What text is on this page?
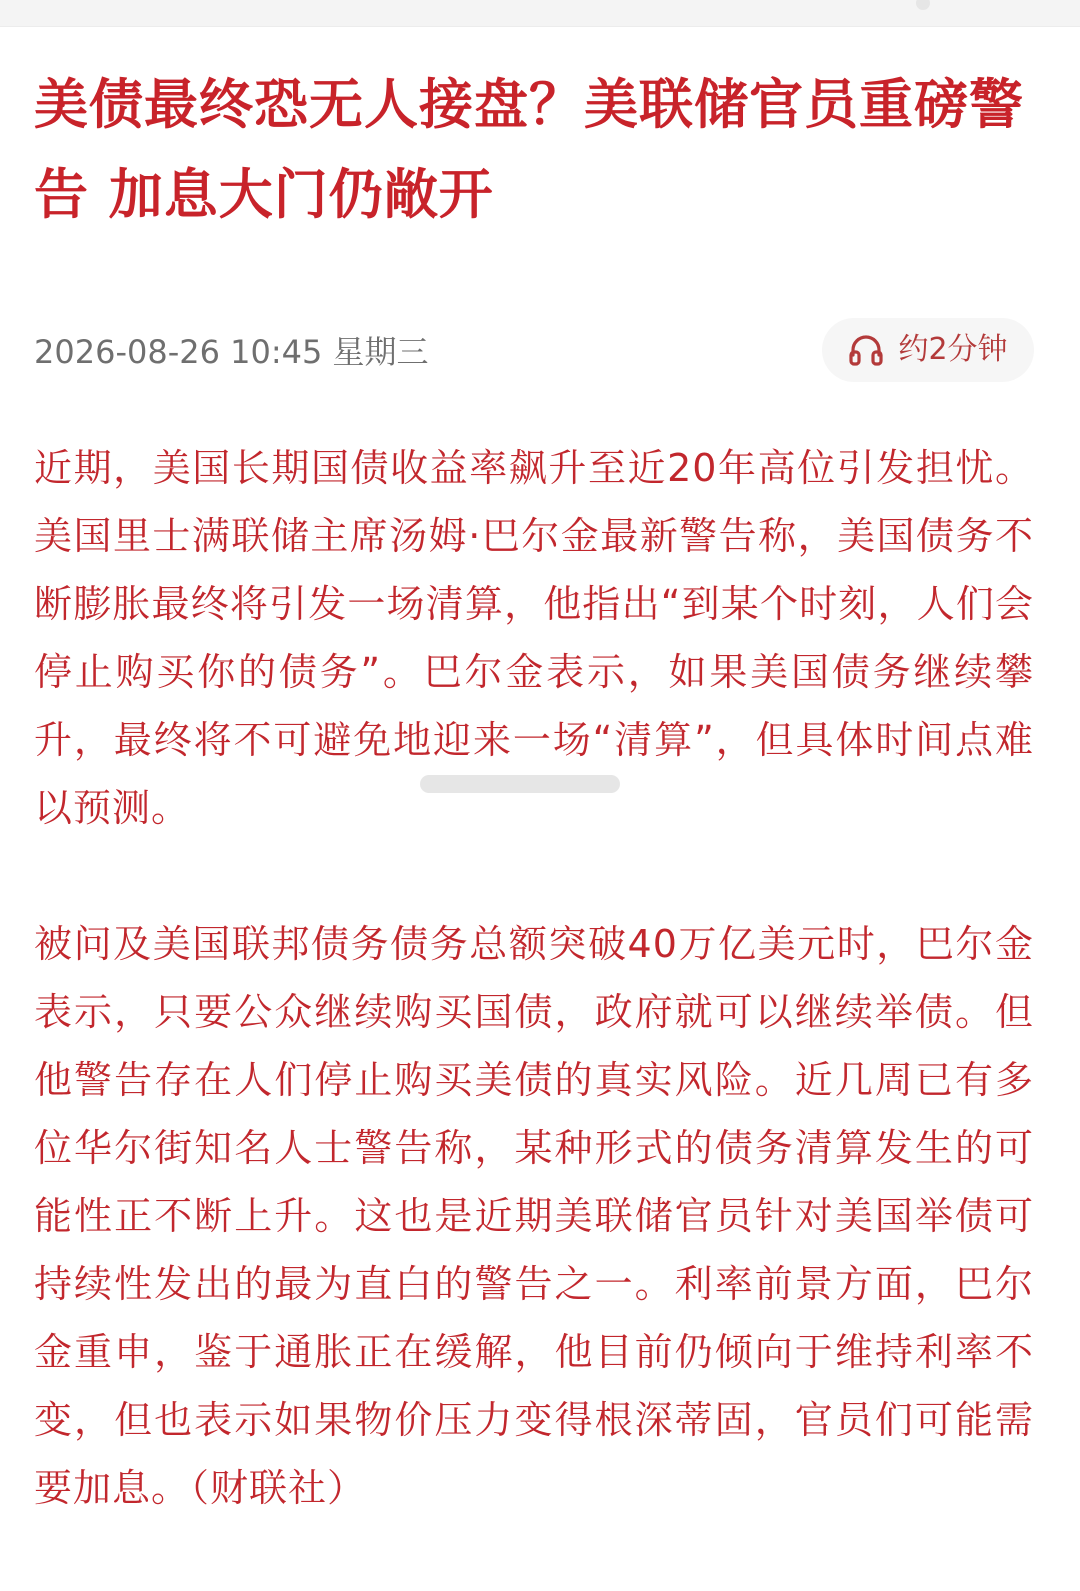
美债最终恐无人接盘？美联储官员重磅警告 加息大门仍敞开
2026-08-26 10:45 星期三	约2分钟

近期，美国长期国债收益率飙升至近20年高位引发担忧。美国里士满联储主席汤姆·巴尔金最新警告称，美国债务不断膨胀最终将引发一场清算，他指出“到某个时刻，人们会停止购买你的债务”。巴尔金表示，如果美国债务继续攀升，最终将不可避免地迎来一场“清算”，但具体时间点难以预测。

被问及美国联邦债务债务总额突破40万亿美元时，巴尔金表示，只要公众继续购买国债，政府就可以继续举债。但他警告存在人们停止购买美债的真实风险。近几周已有多位华尔街知名人士警告称，某种形式的债务清算发生的可能性正不断上升。这也是近期美联储官员针对美国举债可持续性发出的最为直白的警告之一。利率前景方面，巴尔金重申，鉴于通胀正在缓解，他目前仍倾向于维持利率不变，但也表示如果物价压力变得根深蒂固，官员们可能需要加息。（财联社）
